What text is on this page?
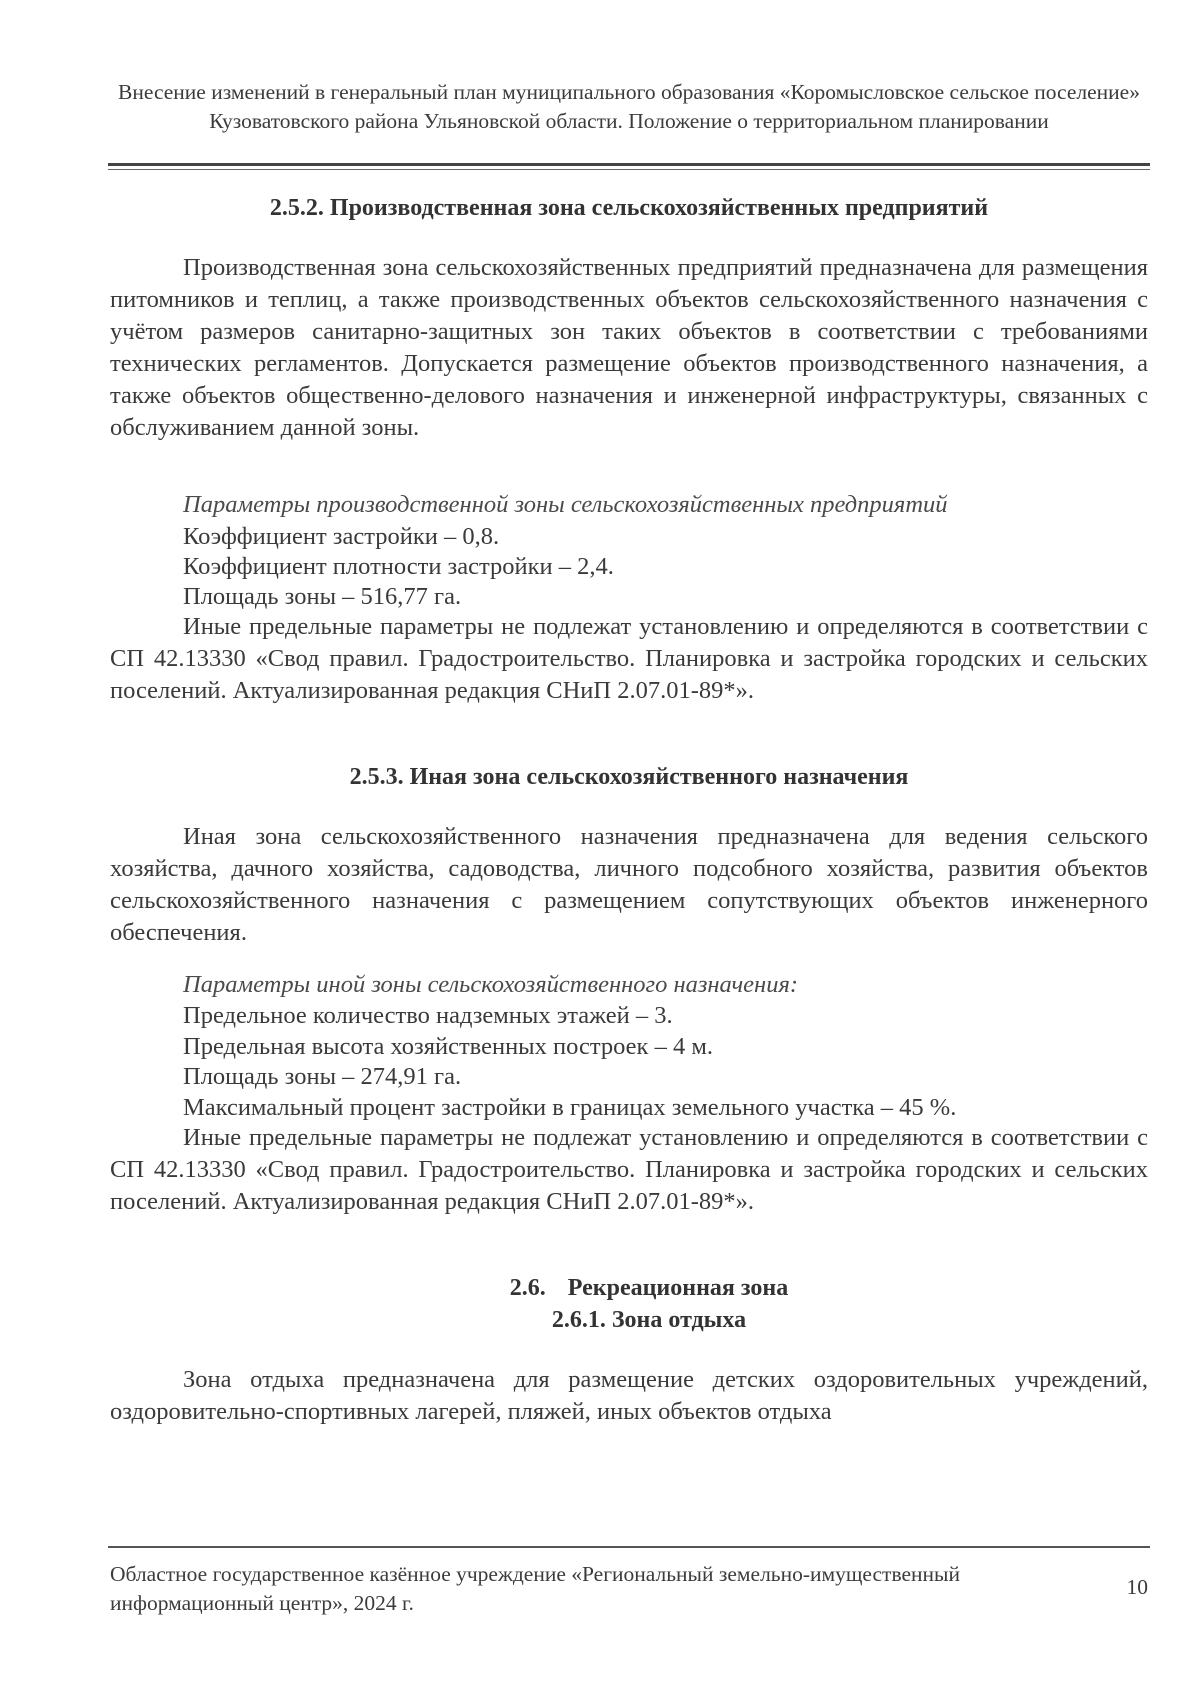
Внесение изменений в генеральный план муниципального образования «Коромысловское сельское поселение» Кузоватовского района Ульяновской области. Положение о территориальном планировании
2.5.2. Производственная зона сельскохозяйственных предприятий
Производственная зона сельскохозяйственных предприятий предназначена для размещения питомников и теплиц, а также производственных объектов сельскохозяйственного назначения с учётом размеров санитарно-защитных зон таких объектов в соответствии с требованиями технических регламентов. Допускается размещение объектов производственного назначения, а также объектов общественно-делового назначения и инженерной инфраструктуры, связанных с обслуживанием данной зоны.
Параметры производственной зоны сельскохозяйственных предприятий
Коэффициент застройки – 0,8.
Коэффициент плотности застройки – 2,4.
Площадь зоны – 516,77 га.
Иные предельные параметры не подлежат установлению и определяются в соответствии с СП 42.13330 «Свод правил. Градостроительство. Планировка и застройка городских и сельских поселений. Актуализированная редакция СНиП 2.07.01-89*».
2.5.3. Иная зона сельскохозяйственного назначения
Иная зона сельскохозяйственного назначения предназначена для ведения сельского хозяйства, дачного хозяйства, садоводства, личного подсобного хозяйства, развития объектов сельскохозяйственного назначения с размещением сопутствующих объектов инженерного обеспечения.
Параметры иной зоны сельскохозяйственного назначения:
Предельное количество надземных этажей – 3.
Предельная высота хозяйственных построек – 4 м.
Площадь зоны – 274,91 га.
Максимальный процент застройки в границах земельного участка – 45 %.
Иные предельные параметры не подлежат установлению и определяются в соответствии с СП 42.13330 «Свод правил. Градостроительство. Планировка и застройка городских и сельских поселений. Актуализированная редакция СНиП 2.07.01-89*».
2.6. Рекреационная зона
2.6.1. Зона отдыха
Зона отдыха предназначена для размещение детских оздоровительных учреждений, оздоровительно-спортивных лагерей, пляжей, иных объектов отдыха
Областное государственное казённое учреждение «Региональный земельно-имущественный информационный центр», 2024 г.
10
